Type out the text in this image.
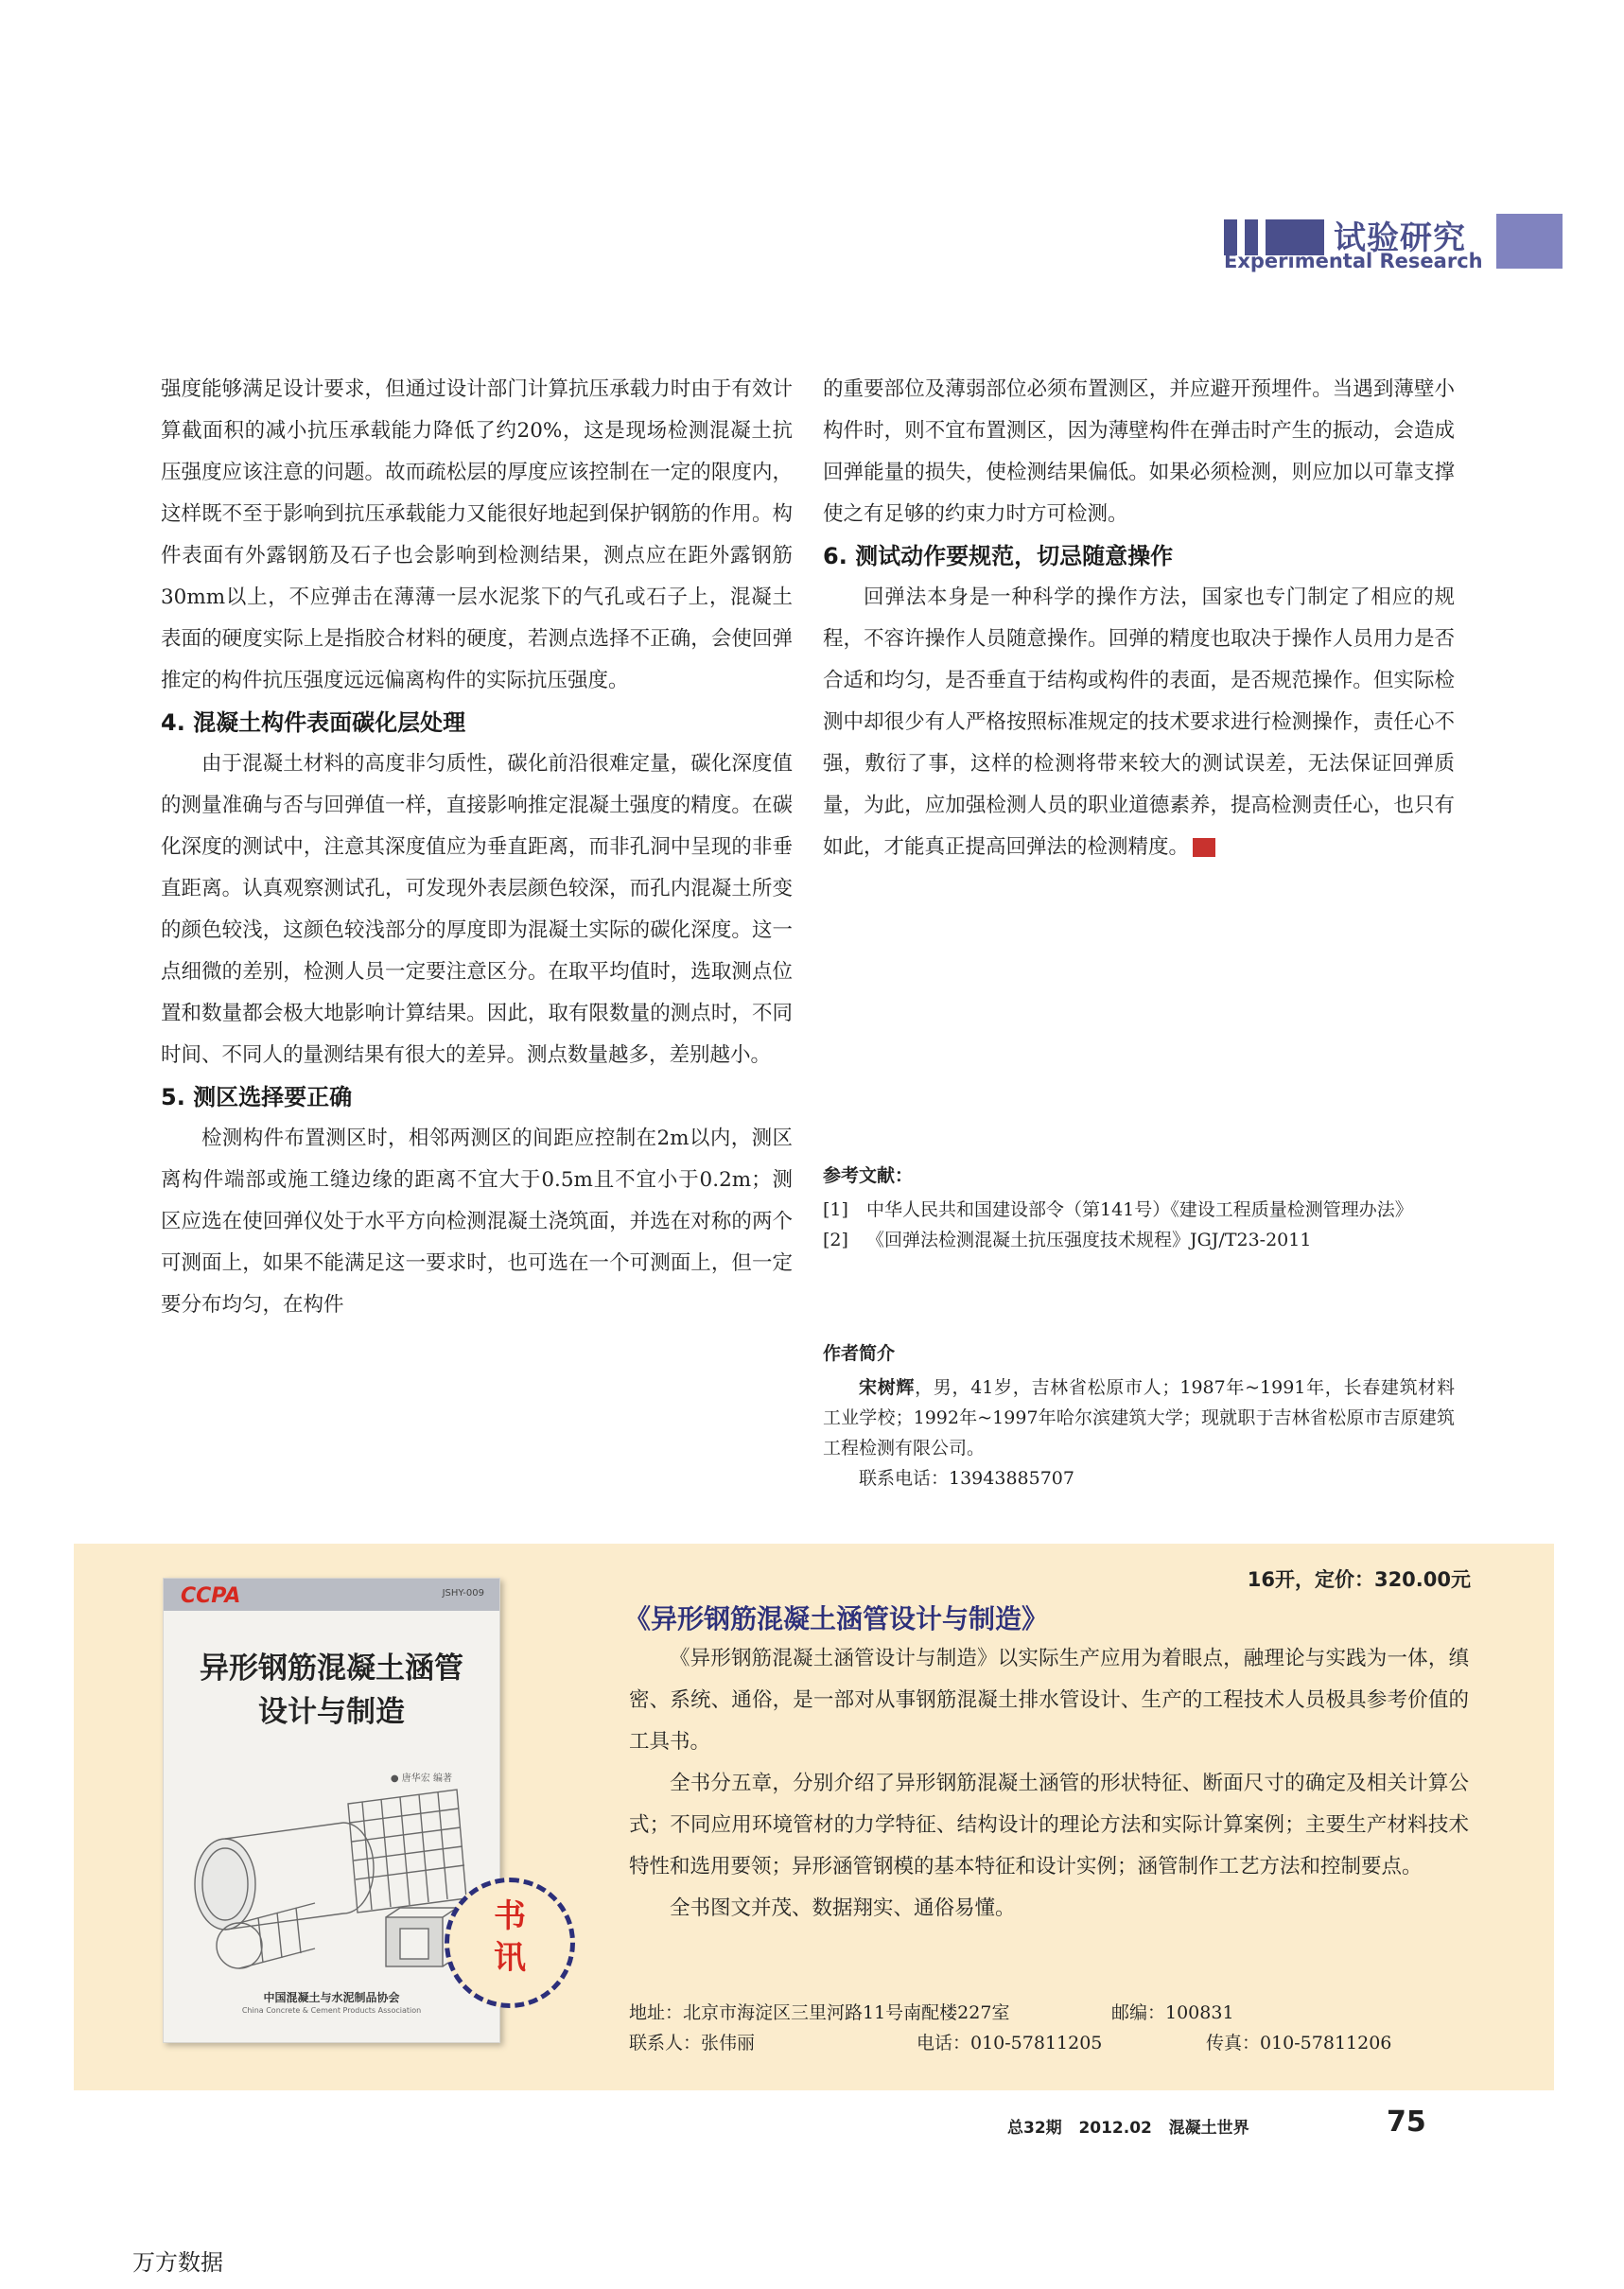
试验研究
Experimental Research

强度能够满足设计要求，但通过设计部门计算抗压承载力时由于有效计算截面积的减小抗压承载能力降低了约20%，这是现场检测混凝土抗压强度应该注意的问题。故而疏松层的厚度应该控制在一定的限度内，这样既不至于影响到抗压承载能力又能很好地起到保护钢筋的作用。构件表面有外露钢筋及石子也会影响到检测结果，测点应在距外露钢筋30mm以上，不应弹击在薄薄一层水泥浆下的气孔或石子上，混凝土表面的硬度实际上是指胶合材料的硬度，若测点选择不正确，会使回弹推定的构件抗压强度远远偏离构件的实际抗压强度。

4. 混凝土构件表面碳化层处理

由于混凝土材料的高度非匀质性，碳化前沿很难定量，碳化深度值的测量准确与否与回弹值一样，直接影响推定混凝土强度的精度。在碳化深度的测试中，注意其深度值应为垂直距离，而非孔洞中呈现的非垂直距离。认真观察测试孔，可发现外表层颜色较深，而孔内混凝土所变的颜色较浅，这颜色较浅部分的厚度即为混凝土实际的碳化深度。这一点细微的差别，检测人员一定要注意区分。在取平均值时，选取测点位置和数量都会极大地影响计算结果。因此，取有限数量的测点时，不同时间、不同人的量测结果有很大的差异。测点数量越多，差别越小。

5. 测区选择要正确

检测构件布置测区时，相邻两测区的间距应控制在2m以内，测区离构件端部或施工缝边缘的距离不宜大于0.5m且不宜小于0.2m；测区应选在使回弹仪处于水平方向检测混凝土浇筑面，并选在对称的两个可测面上，如果不能满足这一要求时，也可选在一个可测面上，但一定要分布均匀，在构件

的重要部位及薄弱部位必须布置测区，并应避开预埋件。当遇到薄壁小构件时，则不宜布置测区，因为薄壁构件在弹击时产生的振动，会造成回弹能量的损失，使检测结果偏低。如果必须检测，则应加以可靠支撑使之有足够的约束力时方可检测。

6. 测试动作要规范，切忌随意操作

回弹法本身是一种科学的操作方法，国家也专门制定了相应的规程，不容许操作人员随意操作。回弹的精度也取决于操作人员用力是否合适和均匀，是否垂直于结构或构件的表面，是否规范操作。但实际检测中却很少有人严格按照标准规定的技术要求进行检测操作，责任心不强，敷衍了事，这样的检测将带来较大的测试误差，无法保证回弹质量，为此，应加强检测人员的职业道德素养，提高检测责任心，也只有如此，才能真正提高回弹法的检测精度。	SC

参考文献：
[1]	中华人民共和国建设部令（第141号）《建设工程质量检测管理办法》
[2]	《回弹法检测混凝土抗压强度技术规程》JGJ/T23-2011
作者简介

宋树辉，男，41岁，吉林省松原市人；1987年~1991年，长春建筑材料工业学校；1992年~1997年哈尔滨建筑大学；现就职于吉林省松原市吉原建筑工程检测有限公司。

联系电话：13943885707

CCPA	JSHY-009
异形钢筋混凝土涵管
设计与制造
● 唐华宏 编著
中国混凝土与水泥制品协会
China Concrete & Cement Products Association
书讯
16开，定价：320.00元
《异形钢筋混凝土涵管设计与制造》

《异形钢筋混凝土涵管设计与制造》以实际生产应用为着眼点，融理论与实践为一体，缜密、系统、通俗，是一部对从事钢筋混凝土排水管设计、生产的工程技术人员极具参考价值的工具书。

全书分五章，分别介绍了异形钢筋混凝土涵管的形状特征、断面尺寸的确定及相关计算公式；不同应用环境管材的力学特征、结构设计的理论方法和实际计算案例；主要生产材料技术特性和选用要领；异形涵管钢模的基本特征和设计实例；涵管制作工艺方法和控制要点。

全书图文并茂、数据翔实、通俗易懂。

地址：北京市海淀区三里河路11号南配楼227室	邮编：100831
联系人：张伟丽	电话：010-57811205	传真：010-57811206
总32期 2012.02 混凝土世界	75
万方数据
